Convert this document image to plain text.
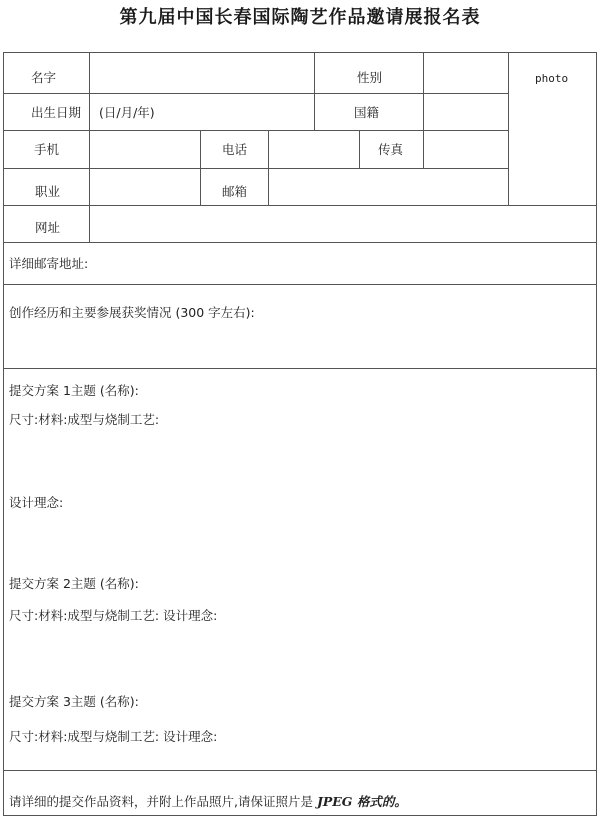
第九届中国长春国际陶艺作品邀请展报名表
名字	性别	photo
出生日期 (日/月/年)	国籍
手机	电话	传真
职业	邮箱
网址
详细邮寄地址:
创作经历和主要参展获奖情况 (300 字左右):
提交方案 1主题 (名称):
尺寸:材料:成型与烧制工艺:
设计理念:
提交方案 2主题 (名称):
尺寸:材料:成型与烧制工艺: 设计理念:
提交方案 3主题 (名称):
尺寸:材料:成型与烧制工艺: 设计理念:
请详细的提交作品资料，并附上作品照片,请保证照片是 JPEG 格式的。
